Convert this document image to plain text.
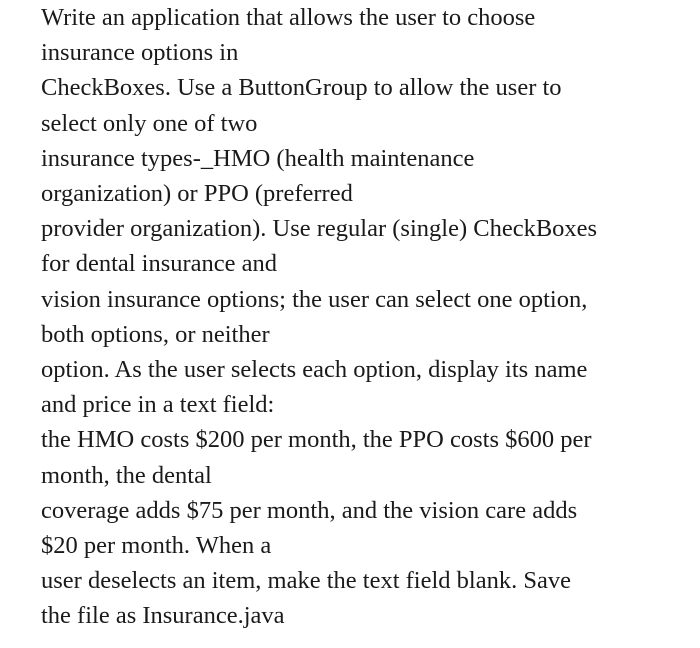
Write an application that allows the user to choose

insurance options in

CheckBoxes. Use a ButtonGroup to allow the user to

select only one of two

insurance types-_HMO (health maintenance

organization) or PPO (preferred

provider organization). Use regular (single) CheckBoxes

for dental insurance and

vision insurance options; the user can select one option,

both options, or neither

option. As the user selects each option, display its name

and price in a text field:

the HMO costs $200 per month, the PPO costs $600 per

month, the dental

coverage adds $75 per month, and the vision care adds

$20 per month. When a

user deselects an item, make the text field blank. Save

the file as Insurance.java
